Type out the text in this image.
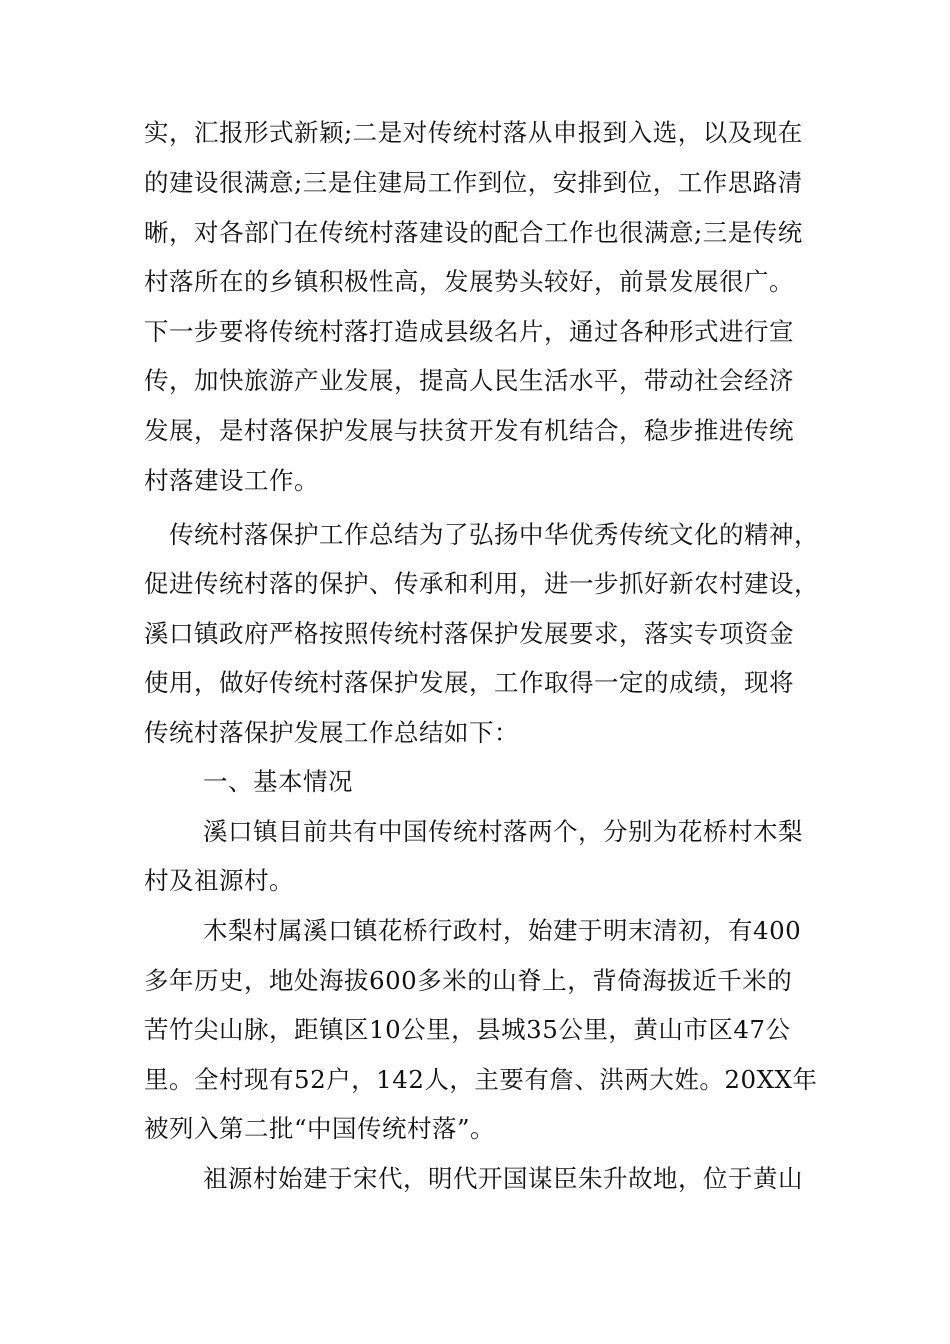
实，汇报形式新颖;二是对传统村落从申报到入选，以及现在
的建设很满意;三是住建局工作到位，安排到位，工作思路清
晰，对各部门在传统村落建设的配合工作也很满意;三是传统
村落所在的乡镇积极性高，发展势头较好，前景发展很广。
下一步要将传统村落打造成县级名片，通过各种形式进行宣
传，加快旅游产业发展，提高人民生活水平，带动社会经济
发展，是村落保护发展与扶贫开发有机结合，稳步推进传统
村落建设工作。
传统村落保护工作总结为了弘扬中华优秀传统文化的精神，
促进传统村落的保护、传承和利用，进一步抓好新农村建设，
溪口镇政府严格按照传统村落保护发展要求，落实专项资金
使用，做好传统村落保护发展，工作取得一定的成绩，现将
传统村落保护发展工作总结如下：
一、基本情况
溪口镇目前共有中国传统村落两个，分别为花桥村木梨
村及祖源村。
木梨村属溪口镇花桥行政村，始建于明末清初，有400
多年历史，地处海拔600多米的山脊上，背倚海拔近千米的
苦竹尖山脉，距镇区10公里，县城35公里，黄山市区47公
里。全村现有52户，142人，主要有詹、洪两大姓。20XX年
被列入第二批“中国传统村落”。
祖源村始建于宋代，明代开国谋臣朱升故地，位于黄山
